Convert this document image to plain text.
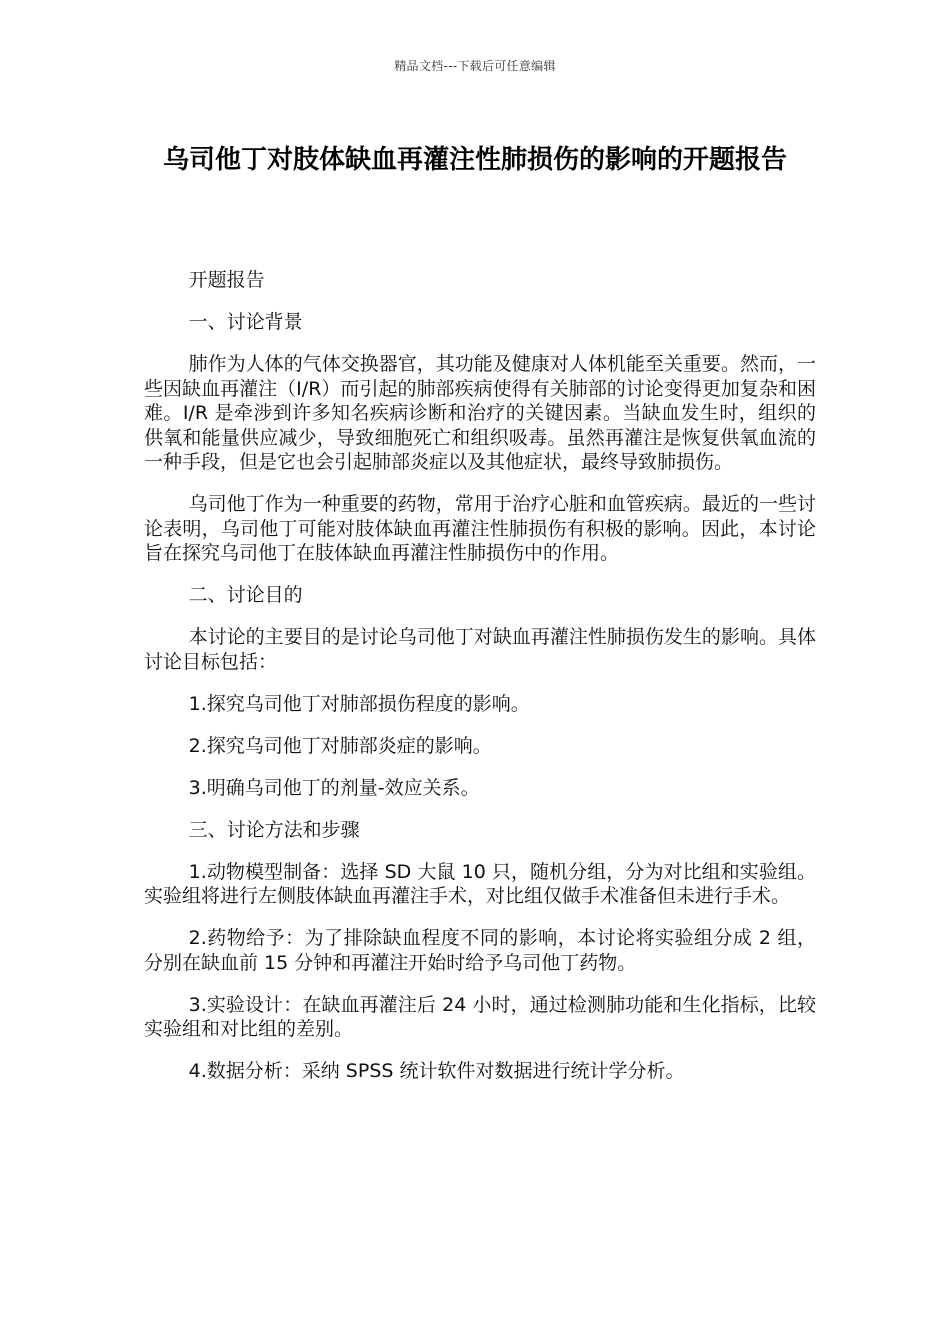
精品文档---下载后可任意编辑
乌司他丁对肢体缺血再灌注性肺损伤的影响的开题报告

开题报告

一、讨论背景

肺作为人体的气体交换器官，其功能及健康对人体机能至关重要。然而，一些因缺血再灌注（I/R）而引起的肺部疾病使得有关肺部的讨论变得更加复杂和困难。I/R 是牵涉到许多知名疾病诊断和治疗的关键因素。当缺血发生时，组织的供氧和能量供应减少，导致细胞死亡和组织吸毒。虽然再灌注是恢复供氧血流的一种手段，但是它也会引起肺部炎症以及其他症状，最终导致肺损伤。

乌司他丁作为一种重要的药物，常用于治疗心脏和血管疾病。最近的一些讨论表明，乌司他丁可能对肢体缺血再灌注性肺损伤有积极的影响。因此，本讨论旨在探究乌司他丁在肢体缺血再灌注性肺损伤中的作用。

二、讨论目的

本讨论的主要目的是讨论乌司他丁对缺血再灌注性肺损伤发生的影响。具体讨论目标包括：

1.探究乌司他丁对肺部损伤程度的影响。

2.探究乌司他丁对肺部炎症的影响。

3.明确乌司他丁的剂量-效应关系。

三、讨论方法和步骤

1.动物模型制备：选择 SD 大鼠 10 只，随机分组，分为对比组和实验组。实验组将进行左侧肢体缺血再灌注手术，对比组仅做手术准备但未进行手术。

2.药物给予：为了排除缺血程度不同的影响，本讨论将实验组分成 2 组，分别在缺血前 15 分钟和再灌注开始时给予乌司他丁药物。

3.实验设计：在缺血再灌注后 24 小时，通过检测肺功能和生化指标，比较实验组和对比组的差别。

4.数据分析：采纳 SPSS 统计软件对数据进行统计学分析。
